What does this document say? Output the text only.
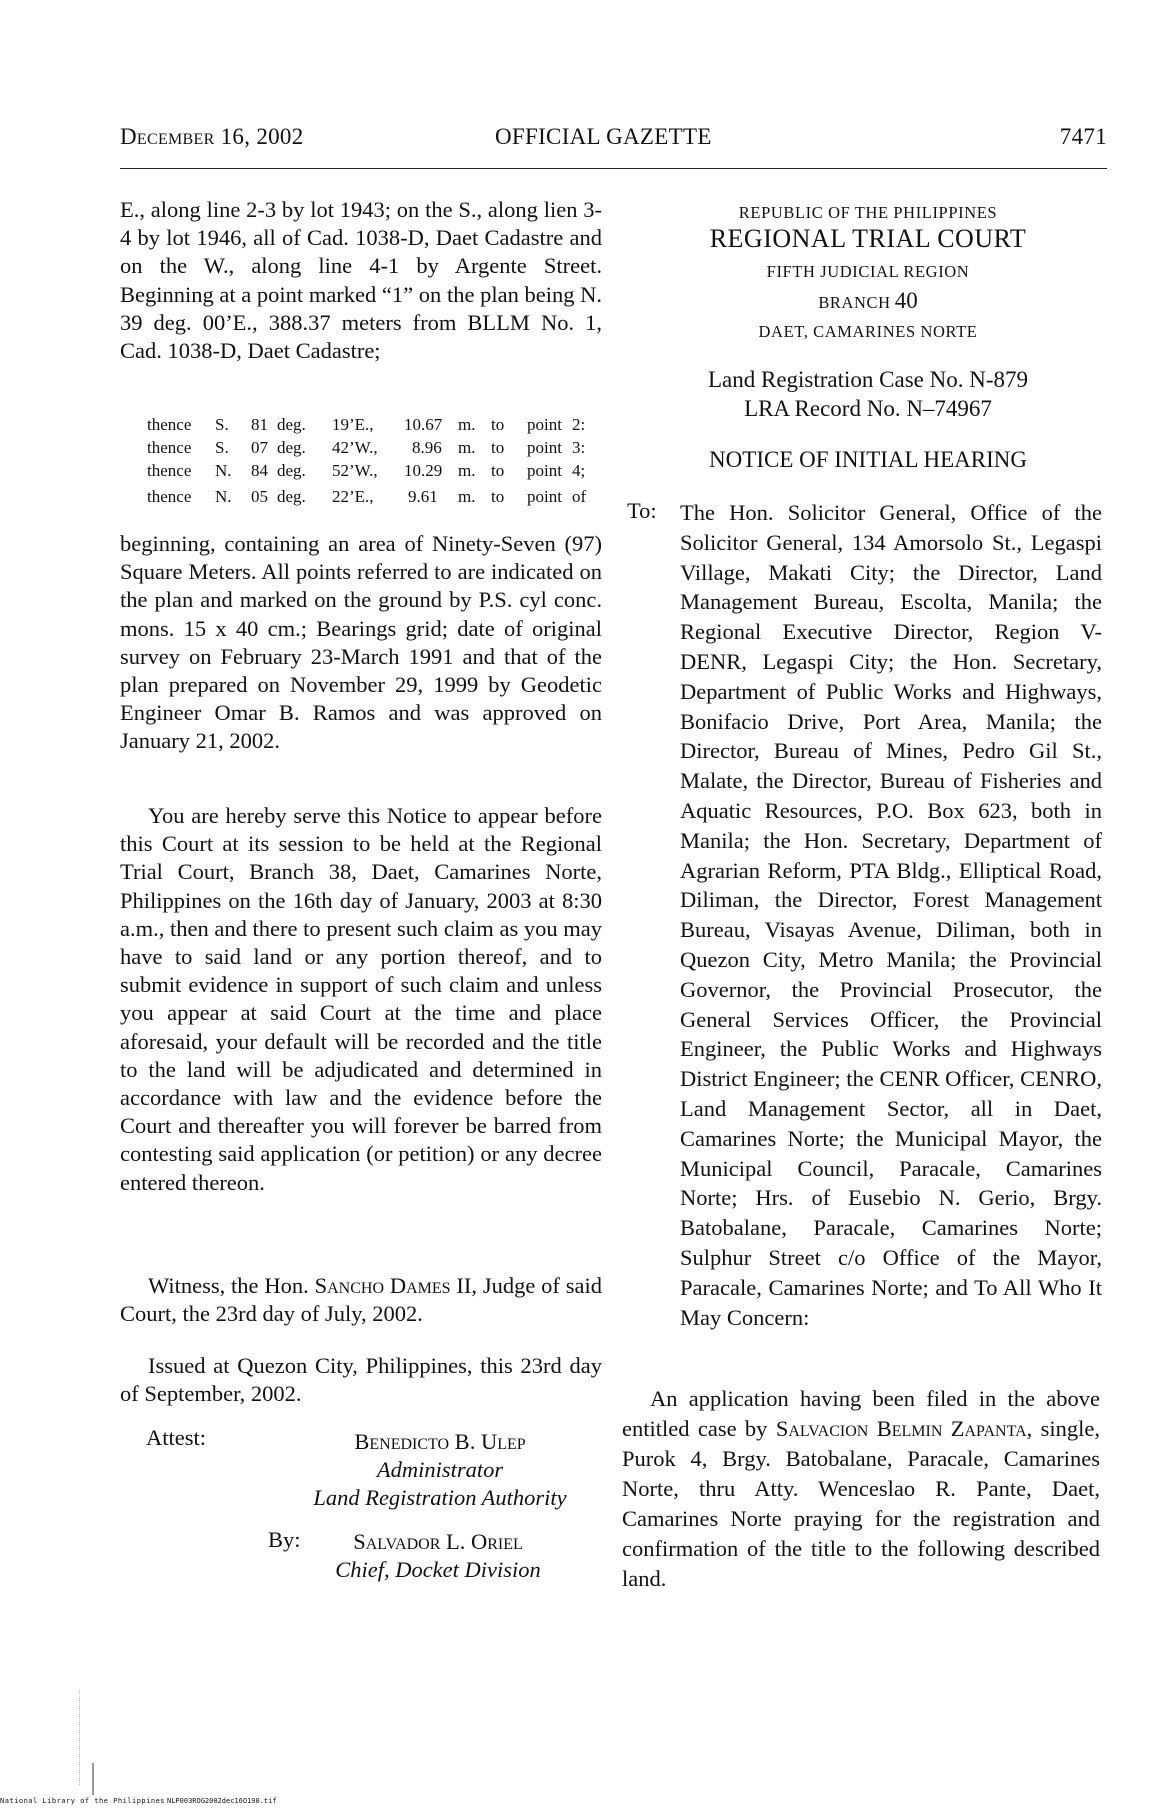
December 16, 2002	OFFICIAL GAZETTE	7471
E., along line 2-3 by lot 1943; on the S., along lien 3-4 by lot 1946, all of Cad. 1038-D, Daet Cadastre and on the W., along line 4-1 by Argente Street. Beginning at a point marked “1” on the plan being N. 39 deg. 00’E., 388.37 meters from BLLM No. 1, Cad. 1038-D, Daet Cadastre;
thence S. 81 deg. 19’E., 10.67 m. to point 2:
thence S. 07 deg. 42’W., 8.96 m. to point 3:
thence N. 84 deg. 52’W., 10.29 m. to point 4;
thence N. 05 deg. 22’E., 9.61 m. to point of
beginning, containing an area of Ninety-Seven (97) Square Meters. All points referred to are indicated on the plan and marked on the ground by P.S. cyl conc. mons. 15 x 40 cm.; Bearings grid; date of original survey on February 23-March 1991 and that of the plan prepared on November 29, 1999 by Geodetic Engineer Omar B. Ramos and was approved on January 21, 2002.
You are hereby serve this Notice to appear before this Court at its session to be held at the Regional Trial Court, Branch 38, Daet, Camarines Norte, Philippines on the 16th day of January, 2003 at 8:30 a.m., then and there to present such claim as you may have to said land or any portion thereof, and to submit evidence in support of such claim and unless you appear at said Court at the time and place aforesaid, your default will be recorded and the title to the land will be adjudicated and determined in accordance with law and the evidence before the Court and thereafter you will forever be barred from contesting said application (or petition) or any decree entered thereon.
Witness, the Hon. Sancho Dames II, Judge of said Court, the 23rd day of July, 2002.
Issued at Quezon City, Philippines, this 23rd day of September, 2002.
Attest:	Benedicto B. Ulep
Administrator
Land Registration Authority
By:	Salvador L. Oriel
Chief, Docket Division
REPUBLIC OF THE PHILIPPINES
REGIONAL TRIAL COURT
FIFTH JUDICIAL REGION
BRANCH 40
DAET, CAMARINES NORTE
Land Registration Case No. N-879
LRA Record No. N–74967
NOTICE OF INITIAL HEARING
To: The Hon. Solicitor General, Office of the Solicitor General, 134 Amorsolo St., Legaspi Village, Makati City; the Director, Land Management Bureau, Escolta, Manila; the Regional Executive Director, Region V-DENR, Legaspi City; the Hon. Secretary, Department of Public Works and Highways, Bonifacio Drive, Port Area, Manila; the Director, Bureau of Mines, Pedro Gil St., Malate, the Director, Bureau of Fisheries and Aquatic Resources, P.O. Box 623, both in Manila; the Hon. Secretary, Department of Agrarian Reform, PTA Bldg., Elliptical Road, Diliman, the Director, Forest Management Bureau, Visayas Avenue, Diliman, both in Quezon City, Metro Manila; the Provincial Governor, the Provincial Prosecutor, the General Services Officer, the Provincial Engineer, the Public Works and Highways District Engineer; the CENR Officer, CENRO, Land Management Sector, all in Daet, Camarines Norte; the Municipal Mayor, the Municipal Council, Paracale, Camarines Norte; Hrs. of Eusebio N. Gerio, Brgy. Batobalane, Paracale, Camarines Norte; Sulphur Street c/o Office of the Mayor, Paracale, Camarines Norte; and To All Who It May Concern:
An application having been filed in the above entitled case by Salvacion Belmin Zapanta, single, Purok 4, Brgy. Batobalane, Paracale, Camarines Norte, thru Atty. Wenceslao R. Pante, Daet, Camarines Norte praying for the registration and confirmation of the title to the following described land.
National Library of the Philippines NLP003ROG2002dec16O190.tif
